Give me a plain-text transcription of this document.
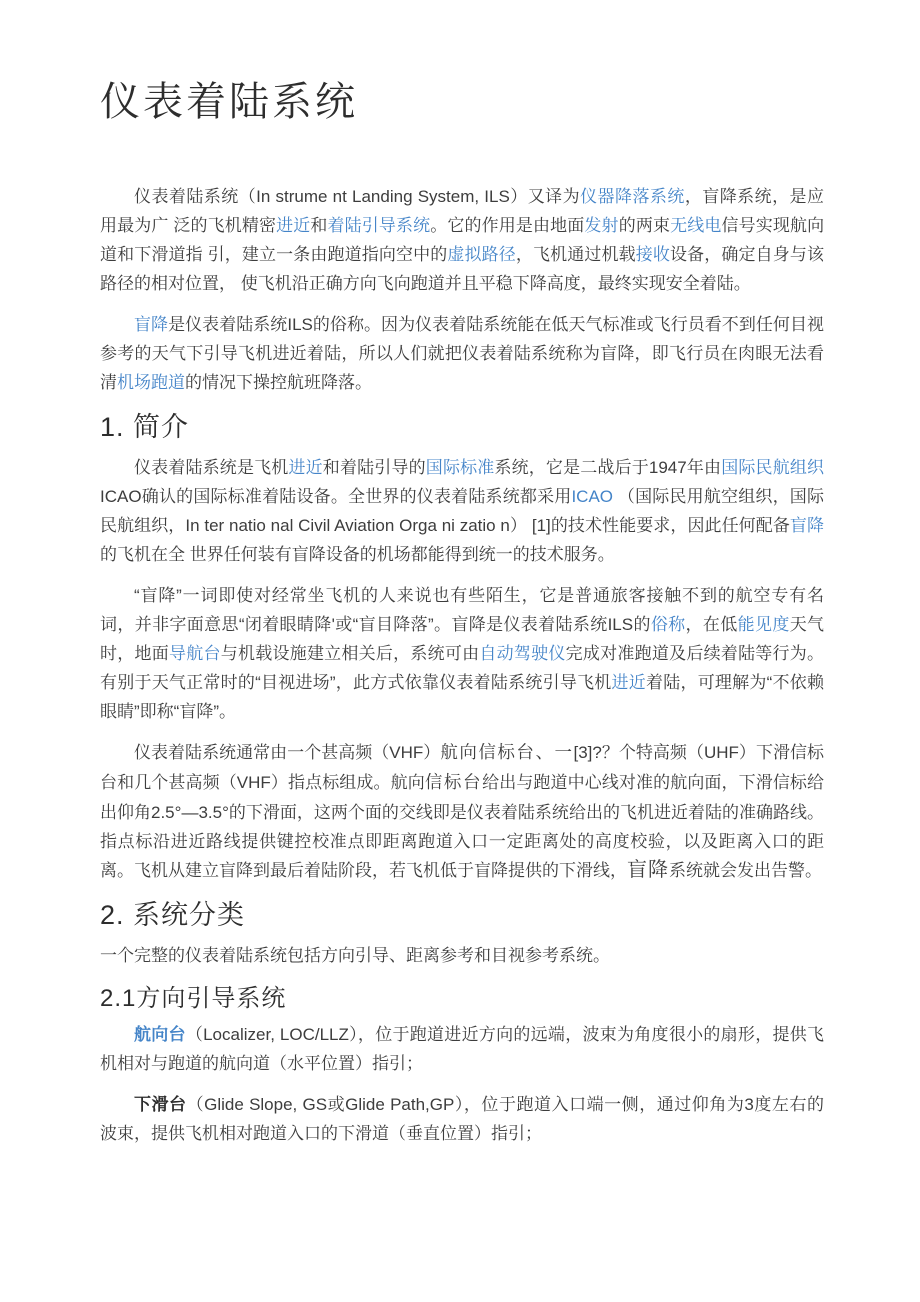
仪表着陆系统

仪表着陆系统（In strume nt Landing System, ILS）又译为仪器降落系统，盲降系统，是应用最为广 泛的飞机精密进近和着陆引导系统。它的作用是由地面发射的两束无线电信号实现航向道和下滑道指 引，建立一条由跑道指向空中的虚拟路径，飞机通过机载接收设备，确定自身与该路径的相对位置， 使飞机沿正确方向飞向跑道并且平稳下降高度，最终实现安全着陆。

盲降是仪表着陆系统ILS的俗称。因为仪表着陆系统能在低天气标准或飞行员看不到任何目视参考的天气下引导飞机进近着陆，所以人们就把仪表着陆系统称为盲降，即飞行员在肉眼无法看清机场跑道的情况下操控航班降落。

1. 简介

仪表着陆系统是飞机进近和着陆引导的国际标准系统，它是二战后于1947年由国际民航组织ICAO确认的国际标准着陆设备。全世界的仪表着陆系统都采用ICAO （国际民用航空组织，国际民航组织，In ter natio nal Civil Aviation Orga ni zatio n） [1]的技术性能要求，因此任何配备盲降的飞机在全 世界任何装有盲降设备的机场都能得到统一的技术服务。

“盲降”一词即使对经常坐飞机的人来说也有些陌生，它是普通旅客接触不到的航空专有名词，并非字面意思“闭着眼睛降'或“盲目降落”。盲降是仪表着陆系统ILS的俗称，在低能见度天气时，地面导航台与机载设施建立相关后，系统可由自动驾驶仪完成对准跑道及后续着陆等行为。有别于天气正常时的“目视进场”，此方式依靠仪表着陆系统引导飞机进近着陆，可理解为“不依赖眼睛”即称“盲降”。

仪表着陆系统通常由一个甚高频（VHF）航向信标台、一[3]?？个特高频（UHF）下滑信标台和几个甚高频（VHF）指点标组成。航向信标台给出与跑道中心线对准的航向面，下滑信标给出仰角2.5°—3.5°的下滑面，这两个面的交线即是仪表着陆系统给出的飞机进近着陆的准确路线。指点标沿进近路线提供键控校准点即距离跑道入口一定距离处的高度校验，以及距离入口的距离。飞机从建立盲降到最后着陆阶段，若飞机低于盲降提供的下滑线，盲降系统就会发出告警。

2. 系统分类

一个完整的仪表着陆系统包括方向引导、距离参考和目视参考系统。

2.1方向引导系统

航向台（Localizer, LOC/LLZ），位于跑道进近方向的远端，波束为角度很小的扇形，提供飞机相对与跑道的航向道（水平位置）指引；

下滑台（Glide Slope, GS或Glide Path,GP），位于跑道入口端一侧，通过仰角为3度左右的波束，提供飞机相对跑道入口的下滑道（垂直位置）指引；
